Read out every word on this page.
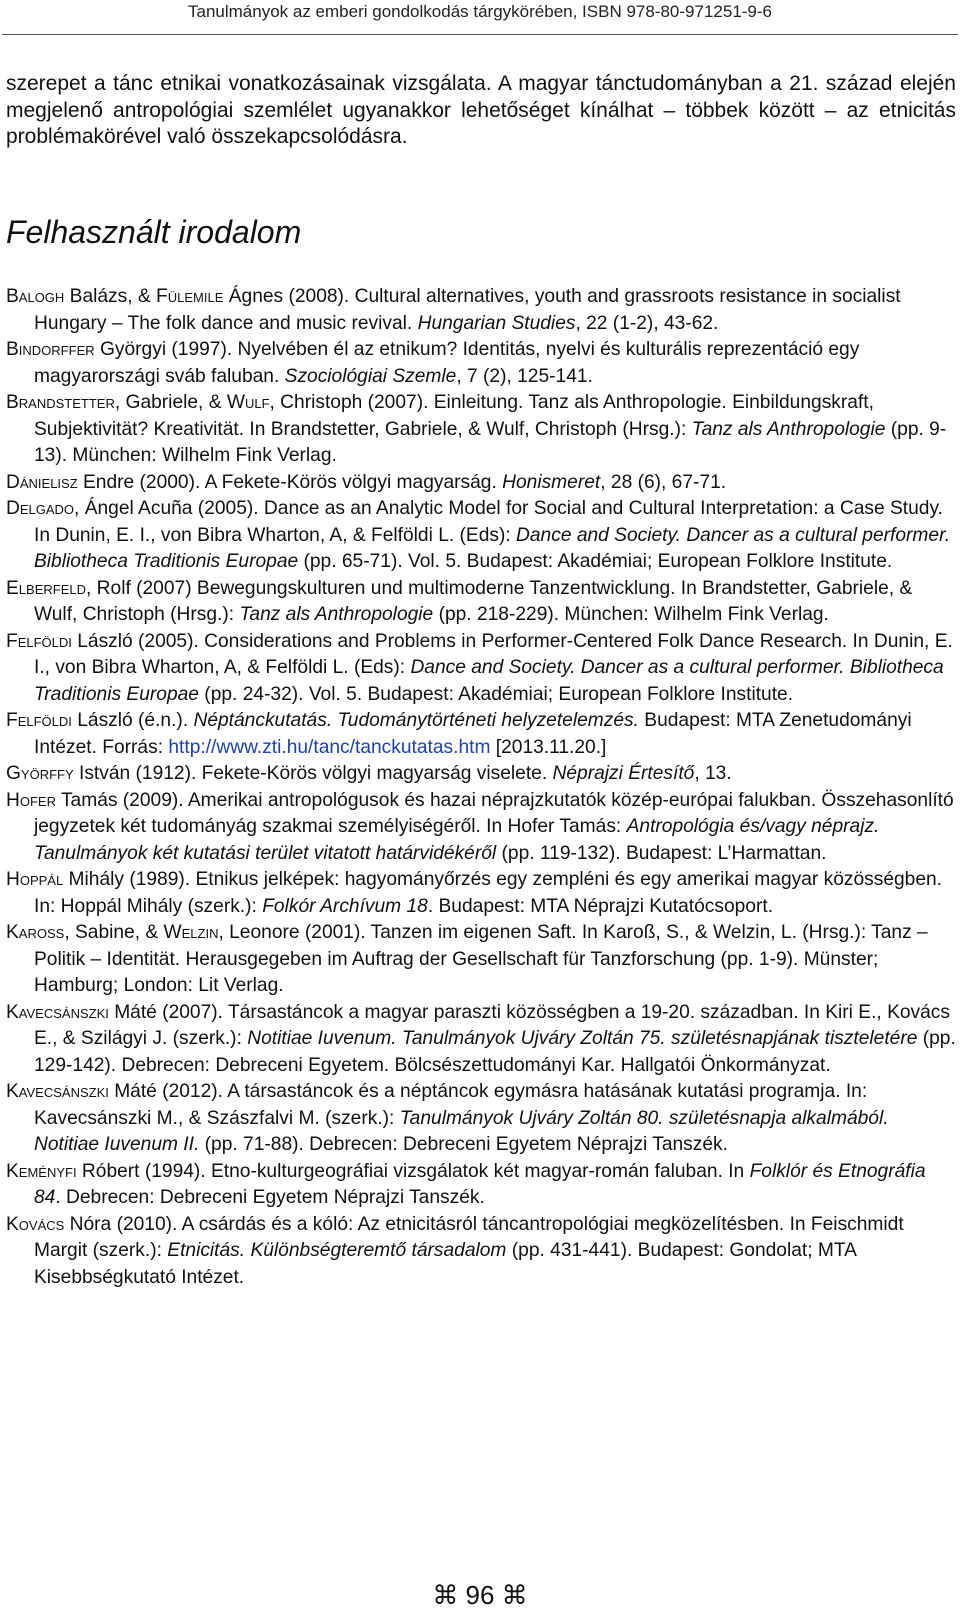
Tanulmányok az emberi gondolkodás tárgykörében, ISBN 978-80-971251-9-6

szerepet a tánc etnikai vonatkozásainak vizsgálata. A magyar tánctudományban a 21. század elején megjelenő antropológiai szemlélet ugyanakkor lehetőséget kínálhat – többek között – az etnicitás problémakörével való összekapcsolódásra.

Felhasznált irodalom

Balogh Balázs, & Fülemile Ágnes (2008). Cultural alternatives, youth and grassroots resistance in socialist Hungary – The folk dance and music revival. Hungarian Studies, 22 (1-2), 43-62.

Bindorffer Györgyi (1997). Nyelvében él az etnikum? Identitás, nyelvi és kulturális reprezentáció egy magyarországi sváb faluban. Szociológiai Szemle, 7 (2), 125-141.

Brandstetter, Gabriele, & Wulf, Christoph (2007). Einleitung. Tanz als Anthropologie. Einbildungskraft, Subjektivität? Kreativität. In Brandstetter, Gabriele, & Wulf, Christoph (Hrsg.): Tanz als Anthropologie (pp. 9-13). München: Wilhelm Fink Verlag.

Dánielisz Endre (2000). A Fekete-Körös völgyi magyarság. Honismeret, 28 (6), 67-71.

Delgado, Ángel Acuña (2005). Dance as an Analytic Model for Social and Cultural Interpretation: a Case Study. In Dunin, E. I., von Bibra Wharton, A, & Felföldi L. (Eds): Dance and Society. Dancer as a cultural performer. Bibliotheca Traditionis Europae (pp. 65-71). Vol. 5. Budapest: Akadémiai; European Folklore Institute.

Elberfeld, Rolf (2007) Bewegungskulturen und multimoderne Tanzentwicklung. In Brandstetter, Gabriele, & Wulf, Christoph (Hrsg.): Tanz als Anthropologie (pp. 218-229). München: Wilhelm Fink Verlag.

Felföldi László (2005). Considerations and Problems in Performer-Centered Folk Dance Research. In Dunin, E. I., von Bibra Wharton, A, & Felföldi L. (Eds): Dance and Society. Dancer as a cultural performer. Bibliotheca Traditionis Europae (pp. 24-32). Vol. 5. Budapest: Akadémiai; European Folklore Institute.

Felföldi László (é.n.). Néptánckutatás. Tudománytörténeti helyzetelemzés. Budapest: MTA Zenetudományi Intézet. Forrás: http://www.zti.hu/tanc/tanckutatas.htm [2013.11.20.]

Györffy István (1912). Fekete-Körös völgyi magyarság viselete. Néprajzi Értesítő, 13.

Hofer Tamás (2009). Amerikai antropológusok és hazai néprajzkutatók közép-európai falukban. Összehasonlító jegyzetek két tudományág szakmai személyiségéről. In Hofer Tamás: Antropológia és/vagy néprajz. Tanulmányok két kutatási terület vitatott határvidékéről (pp. 119-132). Budapest: L’Harmattan.

Hoppál Mihály (1989). Etnikus jelképek: hagyományőrzés egy zempléni és egy amerikai magyar közösségben. In: Hoppál Mihály (szerk.): Folkór Archívum 18. Budapest: MTA Néprajzi Kutatócsoport.

Karoß, Sabine, & Welzin, Leonore (2001). Tanzen im eigenen Saft. In Karoß, S., & Welzin, L. (Hrsg.): Tanz – Politik – Identität. Herausgegeben im Auftrag der Gesellschaft für Tanzforschung (pp. 1-9). Münster; Hamburg; London: Lit Verlag.

Kavecsánszki Máté (2007). Társastáncok a magyar paraszti közösségben a 19-20. században. In Kiri E., Kovács E., & Szilágyi J. (szerk.): Notitiae Iuvenum. Tanulmányok Ujváry Zoltán 75. születésnapjának tiszteletére (pp. 129-142). Debrecen: Debreceni Egyetem. Bölcsészettudományi Kar. Hallgatói Önkormányzat.

Kavecsánszki Máté (2012). A társastáncok és a néptáncok egymásra hatásának kutatási programja. In: Kavecsánszki M., & Szászfalvi M. (szerk.): Tanulmányok Ujváry Zoltán 80. születésnapja alkalmából. Notitiae Iuvenum II. (pp. 71-88). Debrecen: Debreceni Egyetem Néprajzi Tanszék.

Keményfi Róbert (1994). Etno-kulturgeográfiai vizsgálatok két magyar-román faluban. In Folklór és Etnográfia 84. Debrecen: Debreceni Egyetem Néprajzi Tanszék.

Kovács Nóra (2010). A csárdás és a kóló: Az etnicitásról táncantropológiai megközelítésben. In Feischmidt Margit (szerk.): Etnicitás. Különbségteremtő társadalom (pp. 431-441). Budapest: Gondolat; MTA Kisebbségkutató Intézet.

⌘ 96 ⌘
